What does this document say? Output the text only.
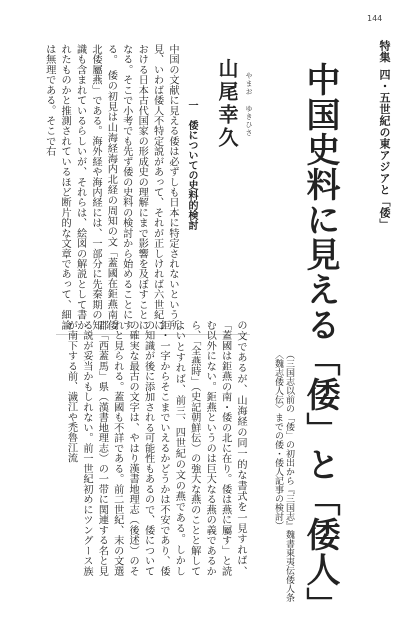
144
特集四・五世紀の東アジアと「倭」
中国史料に見える「倭」と「倭人」
（三国志以前の「倭」の初出から『三国志』魏書東夷伝倭人条〈魏志倭人伝〉までの倭・倭人記事の検討）
やまお ゆきひさ
山尾幸久
一　倭についての史料的検討
中国の文献に見える倭は必ずしも日本に特定されないという所見、いわば倭人不特定説があって、それが正しければ六世紀における日本古代国家の形成史の理解にまで影響を及ぼすことになる。そこで小考でも先ず倭の史料の検討から始めることにする。　倭の初見は山海経海内北経の周知の文「蓋國在鉅燕南倭北倭屬燕」である。海外経や海内経には、一部分に先秦期の知識も含まれているらしいが、それらは、絵図の解説として書かれたものかと推測されているほど断片的な文章であって、細論は無理である。そこで右
の文であるが、山海経の同一的な書式を一見すれば、「蓋國は鉅燕の南・倭の北に在り。倭は燕に屬す」と読む以外にない。鉅燕というのは巨大なる燕の義であるから、「全燕時」（史記朝鮮伝）の強大な燕のことと解してよいとすれば、前三、四世紀の文の燕である。しかし鉅・一字からそこまでいえるかどうかは不安であり、倭の知識が後に添加される可能性もあるので、倭についての確実な最古の文字は、やはり漢書地理志（後述）のそれと見られる。蓋國も不詳である。前二世紀、末の文選郡「西蓋馬」県（漢書地理志）の一带に関連する名と見る説が妥当かもしれない。前一世紀初めにツングース族が南下する前、濊江や禿魯江流
